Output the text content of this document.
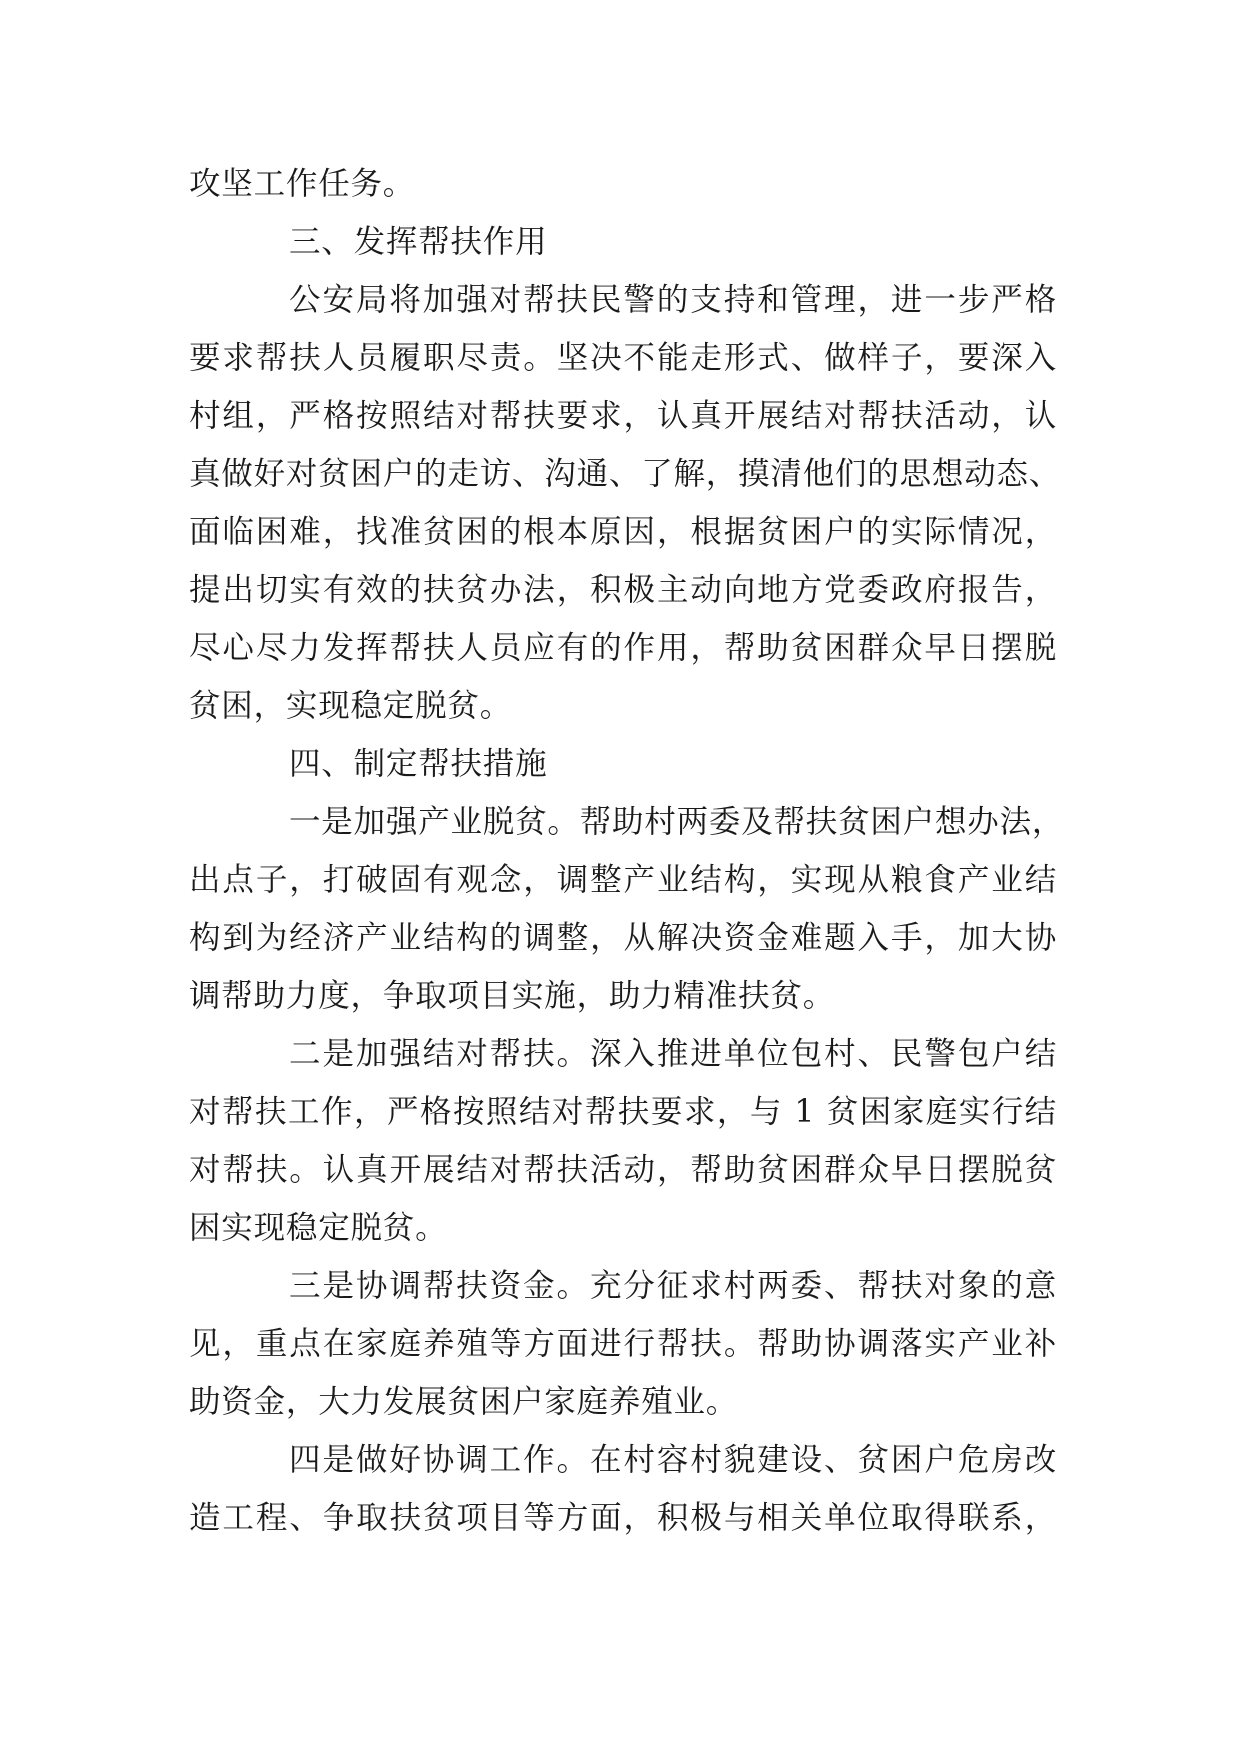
攻坚工作任务。
三、发挥帮扶作用
公安局将加强对帮扶民警的支持和管理，进一步严格
要求帮扶人员履职尽责。坚决不能走形式、做样子，要深入
村组，严格按照结对帮扶要求，认真开展结对帮扶活动，认
真做好对贫困户的走访、沟通、了解，摸清他们的思想动态、
面临困难，找准贫困的根本原因，根据贫困户的实际情况，
提出切实有效的扶贫办法，积极主动向地方党委政府报告，
尽心尽力发挥帮扶人员应有的作用，帮助贫困群众早日摆脱
贫困，实现稳定脱贫。
四、制定帮扶措施
一是加强产业脱贫。帮助村两委及帮扶贫困户想办法，
出点子，打破固有观念，调整产业结构，实现从粮食产业结
构到为经济产业结构的调整，从解决资金难题入手，加大协
调帮助力度，争取项目实施，助力精准扶贫。
二是加强结对帮扶。深入推进单位包村、民警包户结
对帮扶工作，严格按照结对帮扶要求，与 1 贫困家庭实行结
对帮扶。认真开展结对帮扶活动，帮助贫困群众早日摆脱贫
困实现稳定脱贫。
三是协调帮扶资金。充分征求村两委、帮扶对象的意
见，重点在家庭养殖等方面进行帮扶。帮助协调落实产业补
助资金，大力发展贫困户家庭养殖业。
四是做好协调工作。在村容村貌建设、贫困户危房改
造工程、争取扶贫项目等方面，积极与相关单位取得联系，
